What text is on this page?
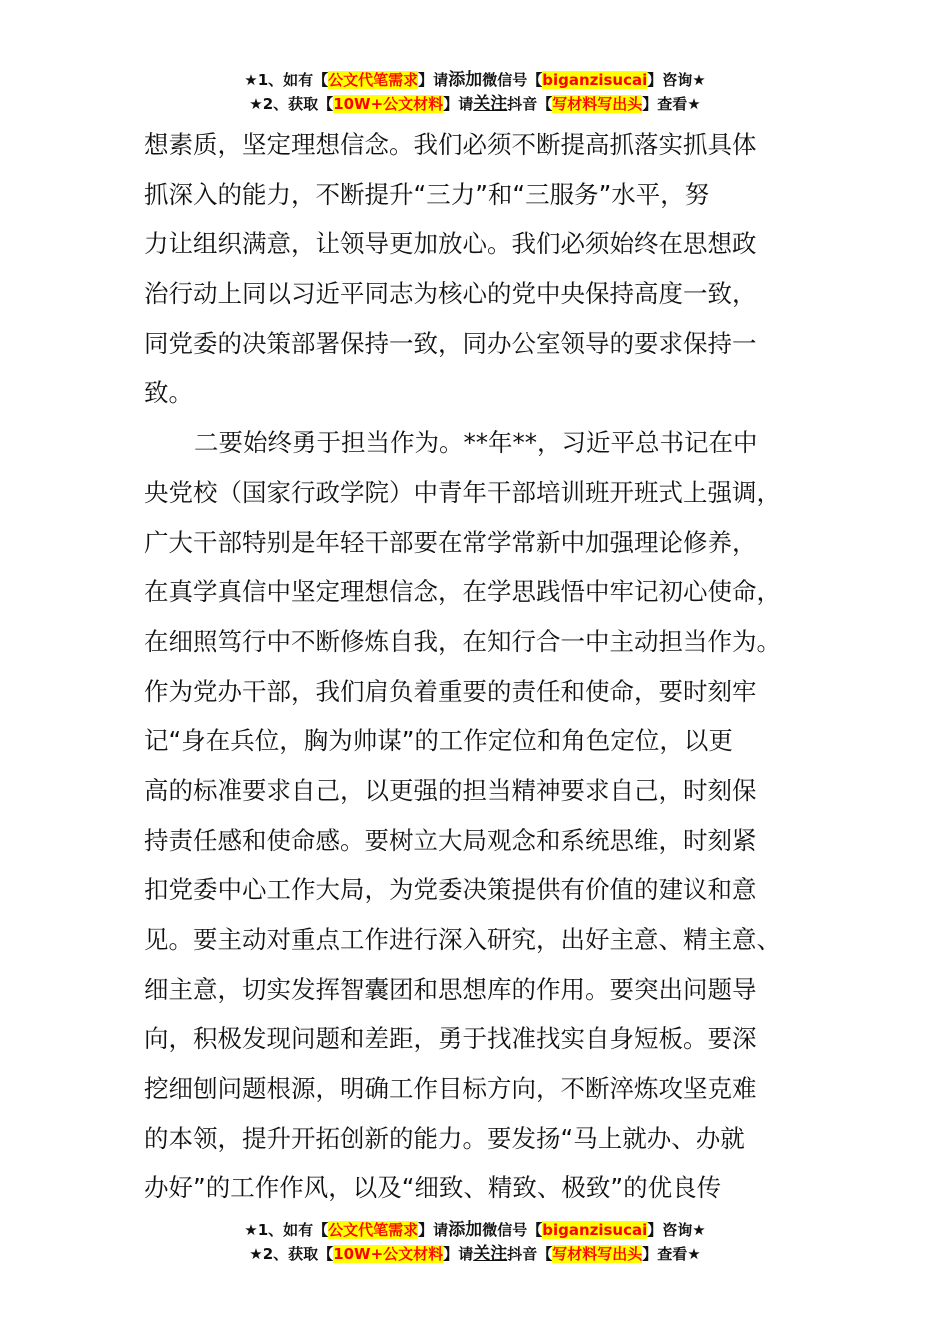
★1、如有【公文代笔需求】请添加微信号【biganzisucai】咨询★
★2、获取【10W+公文材料】请关注抖音【写材料写出头】查看★
想素质，坚定理想信念。我们必须不断提高抓落实抓具体
抓深入的能力，不断提升“三力”和“三服务”水平，努
力让组织满意，让领导更加放心。我们必须始终在思想政
治行动上同以习近平同志为核心的党中央保持高度一致，
同党委的决策部署保持一致，同办公室领导的要求保持一
致。
二要始终勇于担当作为。**年**，习近平总书记在中
央党校（国家行政学院）中青年干部培训班开班式上强调，
广大干部特别是年轻干部要在常学常新中加强理论修养，
在真学真信中坚定理想信念，在学思践悟中牢记初心使命，
在细照笃行中不断修炼自我，在知行合一中主动担当作为。
作为党办干部，我们肩负着重要的责任和使命，要时刻牢
记“身在兵位，胸为帅谋”的工作定位和角色定位，以更
高的标准要求自己，以更强的担当精神要求自己，时刻保
持责任感和使命感。要树立大局观念和系统思维，时刻紧
扣党委中心工作大局，为党委决策提供有价值的建议和意
见。要主动对重点工作进行深入研究，出好主意、精主意、
细主意，切实发挥智囊团和思想库的作用。要突出问题导
向，积极发现问题和差距，勇于找准找实自身短板。要深
挖细刨问题根源，明确工作目标方向，不断淬炼攻坚克难
的本领，提升开拓创新的能力。要发扬“马上就办、办就
办好”的工作作风，以及“细致、精致、极致”的优良传
★1、如有【公文代笔需求】请添加微信号【biganzisucai】咨询★
★2、获取【10W+公文材料】请关注抖音【写材料写出头】查看★
